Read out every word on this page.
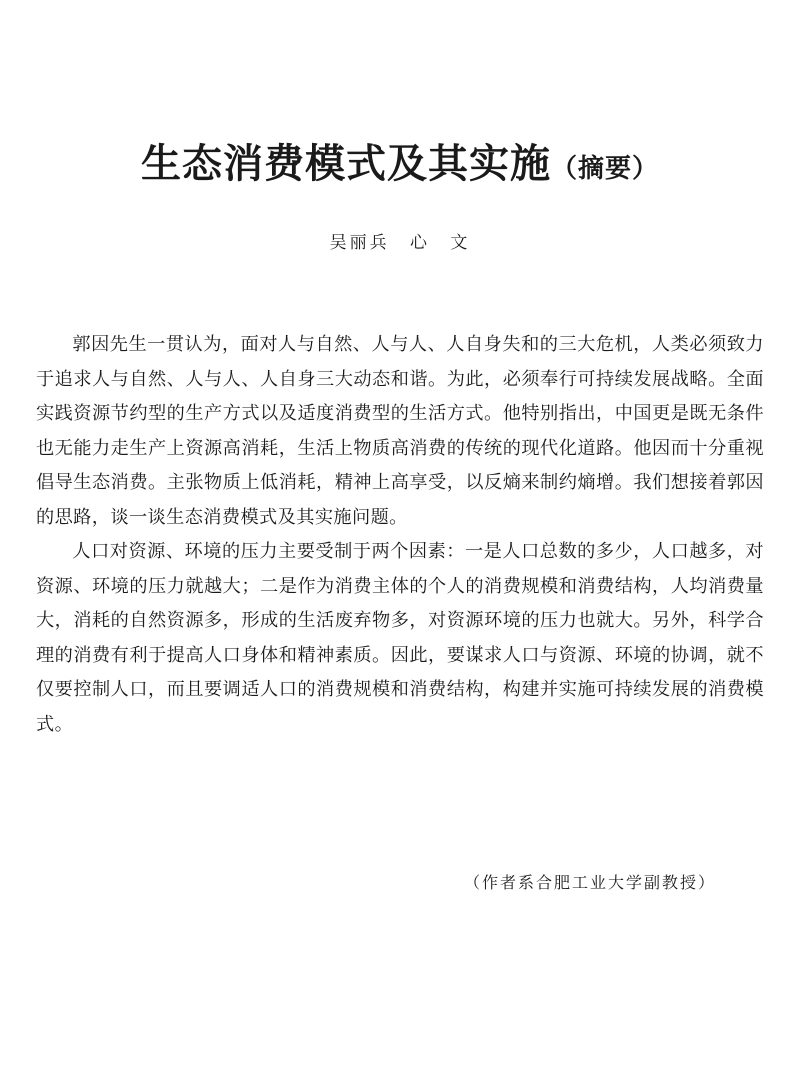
生态消费模式及其实施（摘要）
吴丽兵 心 文

郭因先生一贯认为，面对人与自然、人与人、人自身失和的三大危机，人类必须致力于追求人与自然、人与人、人自身三大动态和谐。为此，必须奉行可持续发展战略。全面实践资源节约型的生产方式以及适度消费型的生活方式。他特别指出，中国更是既无条件也无能力走生产上资源高消耗，生活上物质高消费的传统的现代化道路。他因而十分重视倡导生态消费。主张物质上低消耗，精神上高享受，以反熵来制约熵增。我们想接着郭因的思路，谈一谈生态消费模式及其实施问题。

人口对资源、环境的压力主要受制于两个因素：一是人口总数的多少，人口越多，对资源、环境的压力就越大；二是作为消费主体的个人的消费规模和消费结构，人均消费量大，消耗的自然资源多，形成的生活废弃物多，对资源环境的压力也就大。另外，科学合理的消费有利于提高人口身体和精神素质。因此，要谋求人口与资源、环境的协调，就不仅要控制人口，而且要调适人口的消费规模和消费结构，构建并实施可持续发展的消费模式。

（作者系合肥工业大学副教授）
